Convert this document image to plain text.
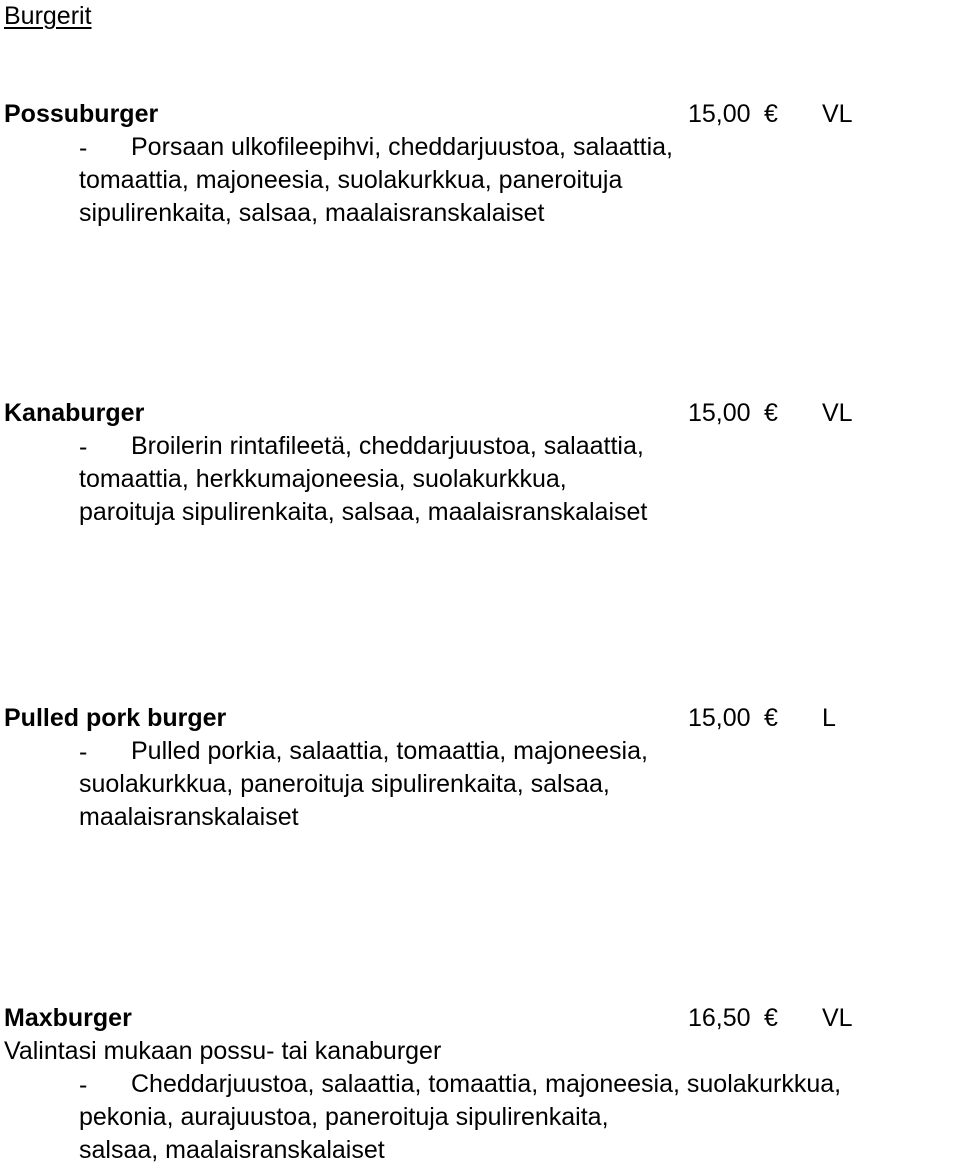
Burgerit
Possuburger	15,00 € VL
-	Porsaan ulkofileepihvi, cheddarjuustoa, salaattia,
tomaattia, majoneesia, suolakurkkua, paneroituja
sipulirenkaita, salsaa, maalaisranskalaiset
Kanaburger	15,00 € VL
-	Broilerin rintafileetä, cheddarjuustoa, salaattia,
tomaattia, herkkumajoneesia, suolakurkkua,
paroituja sipulirenkaita, salsaa, maalaisranskalaiset
Pulled pork burger	15,00 € L
-	Pulled porkia, salaattia, tomaattia, majoneesia,
suolakurkkua, paneroituja sipulirenkaita, salsaa,
maalaisranskalaiset
Maxburger	16,50 € VL
Valintasi mukaan possu- tai kanaburger
-	Cheddarjuustoa, salaattia, tomaattia, majoneesia, suolakurkkua,
pekonia, aurajuustoa, paneroituja sipulirenkaita,
salsaa, maalaisranskalaiset
